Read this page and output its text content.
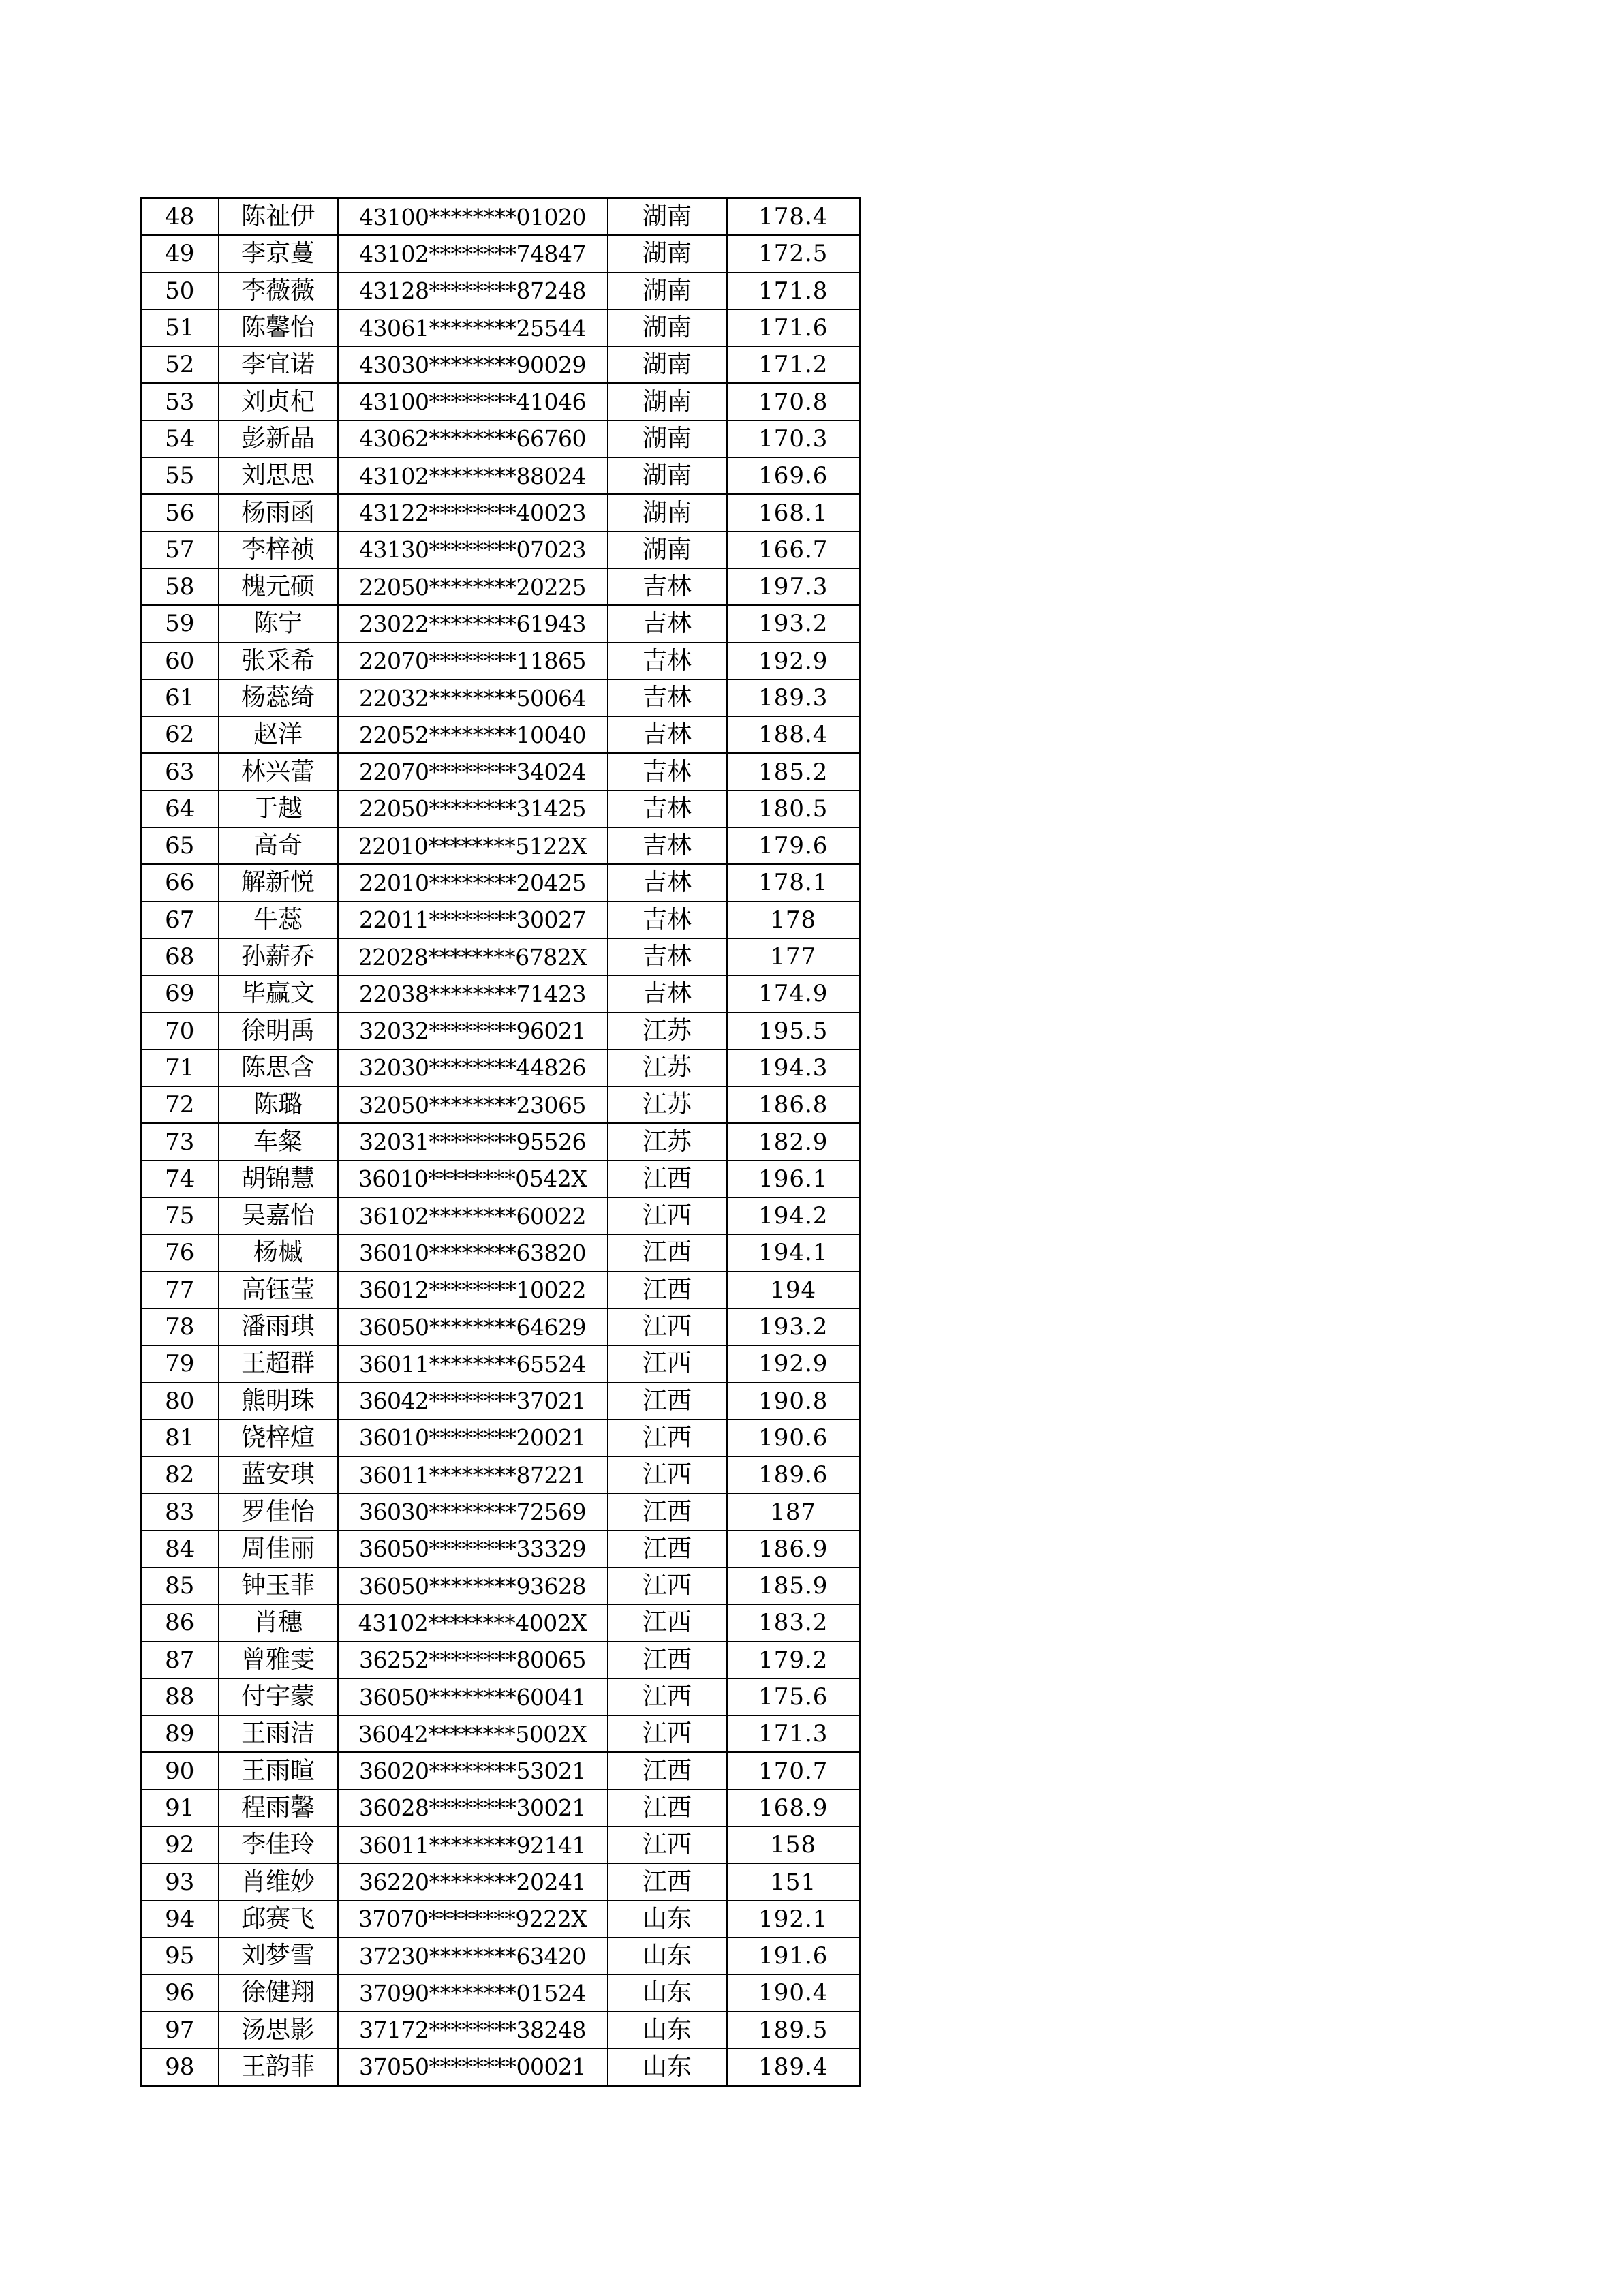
48	陈祉伊	43100********01020	湖南	178.4
49	李京蔓	43102********74847	湖南	172.5
50	李薇薇	43128********87248	湖南	171.8
51	陈馨怡	43061********25544	湖南	171.6
52	李宜诺	43030********90029	湖南	171.2
53	刘贞杞	43100********41046	湖南	170.8
54	彭新晶	43062********66760	湖南	170.3
55	刘思思	43102********88024	湖南	169.6
56	杨雨函	43122********40023	湖南	168.1
57	李梓祯	43130********07023	湖南	166.7
58	槐元硕	22050********20225	吉林	197.3
59	陈宁	23022********61943	吉林	193.2
60	张采希	22070********11865	吉林	192.9
61	杨蕊绮	22032********50064	吉林	189.3
62	赵洋	22052********10040	吉林	188.4
63	林兴蕾	22070********34024	吉林	185.2
64	于越	22050********31425	吉林	180.5
65	高奇	22010********5122X	吉林	179.6
66	解新悦	22010********20425	吉林	178.1
67	牛蕊	22011********30027	吉林	178
68	孙薪乔	22028********6782X	吉林	177
69	毕赢文	22038********71423	吉林	174.9
70	徐明禹	32032********96021	江苏	195.5
71	陈思含	32030********44826	江苏	194.3
72	陈璐	32050********23065	江苏	186.8
73	车粲	32031********95526	江苏	182.9
74	胡锦慧	36010********0542X	江西	196.1
75	吴嘉怡	36102********60022	江西	194.2
76	杨槭	36010********63820	江西	194.1
77	高钰莹	36012********10022	江西	194
78	潘雨琪	36050********64629	江西	193.2
79	王超群	36011********65524	江西	192.9
80	熊明珠	36042********37021	江西	190.8
81	饶梓煊	36010********20021	江西	190.6
82	蓝安琪	36011********87221	江西	189.6
83	罗佳怡	36030********72569	江西	187
84	周佳丽	36050********33329	江西	186.9
85	钟玉菲	36050********93628	江西	185.9
86	肖穗	43102********4002X	江西	183.2
87	曾雅雯	36252********80065	江西	179.2
88	付宇蒙	36050********60041	江西	175.6
89	王雨洁	36042********5002X	江西	171.3
90	王雨暄	36020********53021	江西	170.7
91	程雨馨	36028********30021	江西	168.9
92	李佳玲	36011********92141	江西	158
93	肖维妙	36220********20241	江西	151
94	邱赛飞	37070********9222X	山东	192.1
95	刘梦雪	37230********63420	山东	191.6
96	徐健翔	37090********01524	山东	190.4
97	汤思影	37172********38248	山东	189.5
98	王韵菲	37050********00021	山东	189.4
